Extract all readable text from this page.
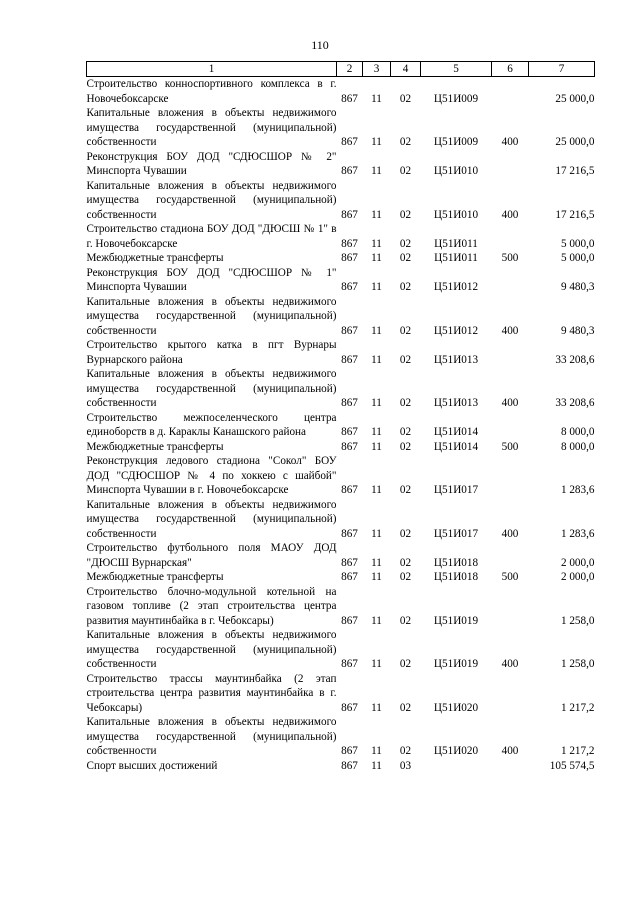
110
1	2	3	4	5	6	7
Строительство конноспортивного комплекса в г. Новочебоксарске	867	11	02	Ц51И009		25 000,0
Капитальные вложения в объекты недвижимого имущества государственной (муниципальной) собственности	867	11	02	Ц51И009	400	25 000,0
Реконструкция БОУ ДОД "СДЮСШОР № 2" Минспорта Чувашии	867	11	02	Ц51И010		17 216,5
Капитальные вложения в объекты недвижимого имущества государственной (муниципальной) собственности	867	11	02	Ц51И010	400	17 216,5
Строительство стадиона БОУ ДОД "ДЮСШ № 1" в г. Новочебоксарске	867	11	02	Ц51И011		5 000,0
Межбюджетные трансферты	867	11	02	Ц51И011	500	5 000,0
Реконструкция БОУ ДОД "СДЮСШОР № 1" Минспорта Чувашии	867	11	02	Ц51И012		9 480,3
Капитальные вложения в объекты недвижимого имущества государственной (муниципальной) собственности	867	11	02	Ц51И012	400	9 480,3
Строительство крытого катка в пгт Вурнары Вурнарского района	867	11	02	Ц51И013		33 208,6
Капитальные вложения в объекты недвижимого имущества государственной (муниципальной) собственности	867	11	02	Ц51И013	400	33 208,6
Строительство межпоселенческого центра единоборств в д. Караклы Канашского района	867	11	02	Ц51И014		8 000,0
Межбюджетные трансферты	867	11	02	Ц51И014	500	8 000,0
Реконструкция ледового стадиона "Сокол" БОУ ДОД "СДЮСШОР № 4 по хоккею с шайбой" Минспорта Чувашии в г. Новочебоксарске	867	11	02	Ц51И017		1 283,6
Капитальные вложения в объекты недвижимого имущества государственной (муниципальной) собственности	867	11	02	Ц51И017	400	1 283,6
Строительство футбольного поля МАОУ ДОД "ДЮСШ Вурнарская"	867	11	02	Ц51И018		2 000,0
Межбюджетные трансферты	867	11	02	Ц51И018	500	2 000,0
Строительство блочно-модульной котельной на газовом топливе (2 этап строительства центра развития маунтинбайка в г. Чебоксары)	867	11	02	Ц51И019		1 258,0
Капитальные вложения в объекты недвижимого имущества государственной (муниципальной) собственности	867	11	02	Ц51И019	400	1 258,0
Строительство трассы маунтинбайка (2 этап строительства центра развития маунтинбайка в г. Чебоксары)	867	11	02	Ц51И020		1 217,2
Капитальные вложения в объекты недвижимого имущества государственной (муниципальной) собственности	867	11	02	Ц51И020	400	1 217,2
Спорт высших достижений	867	11	03			105 574,5
